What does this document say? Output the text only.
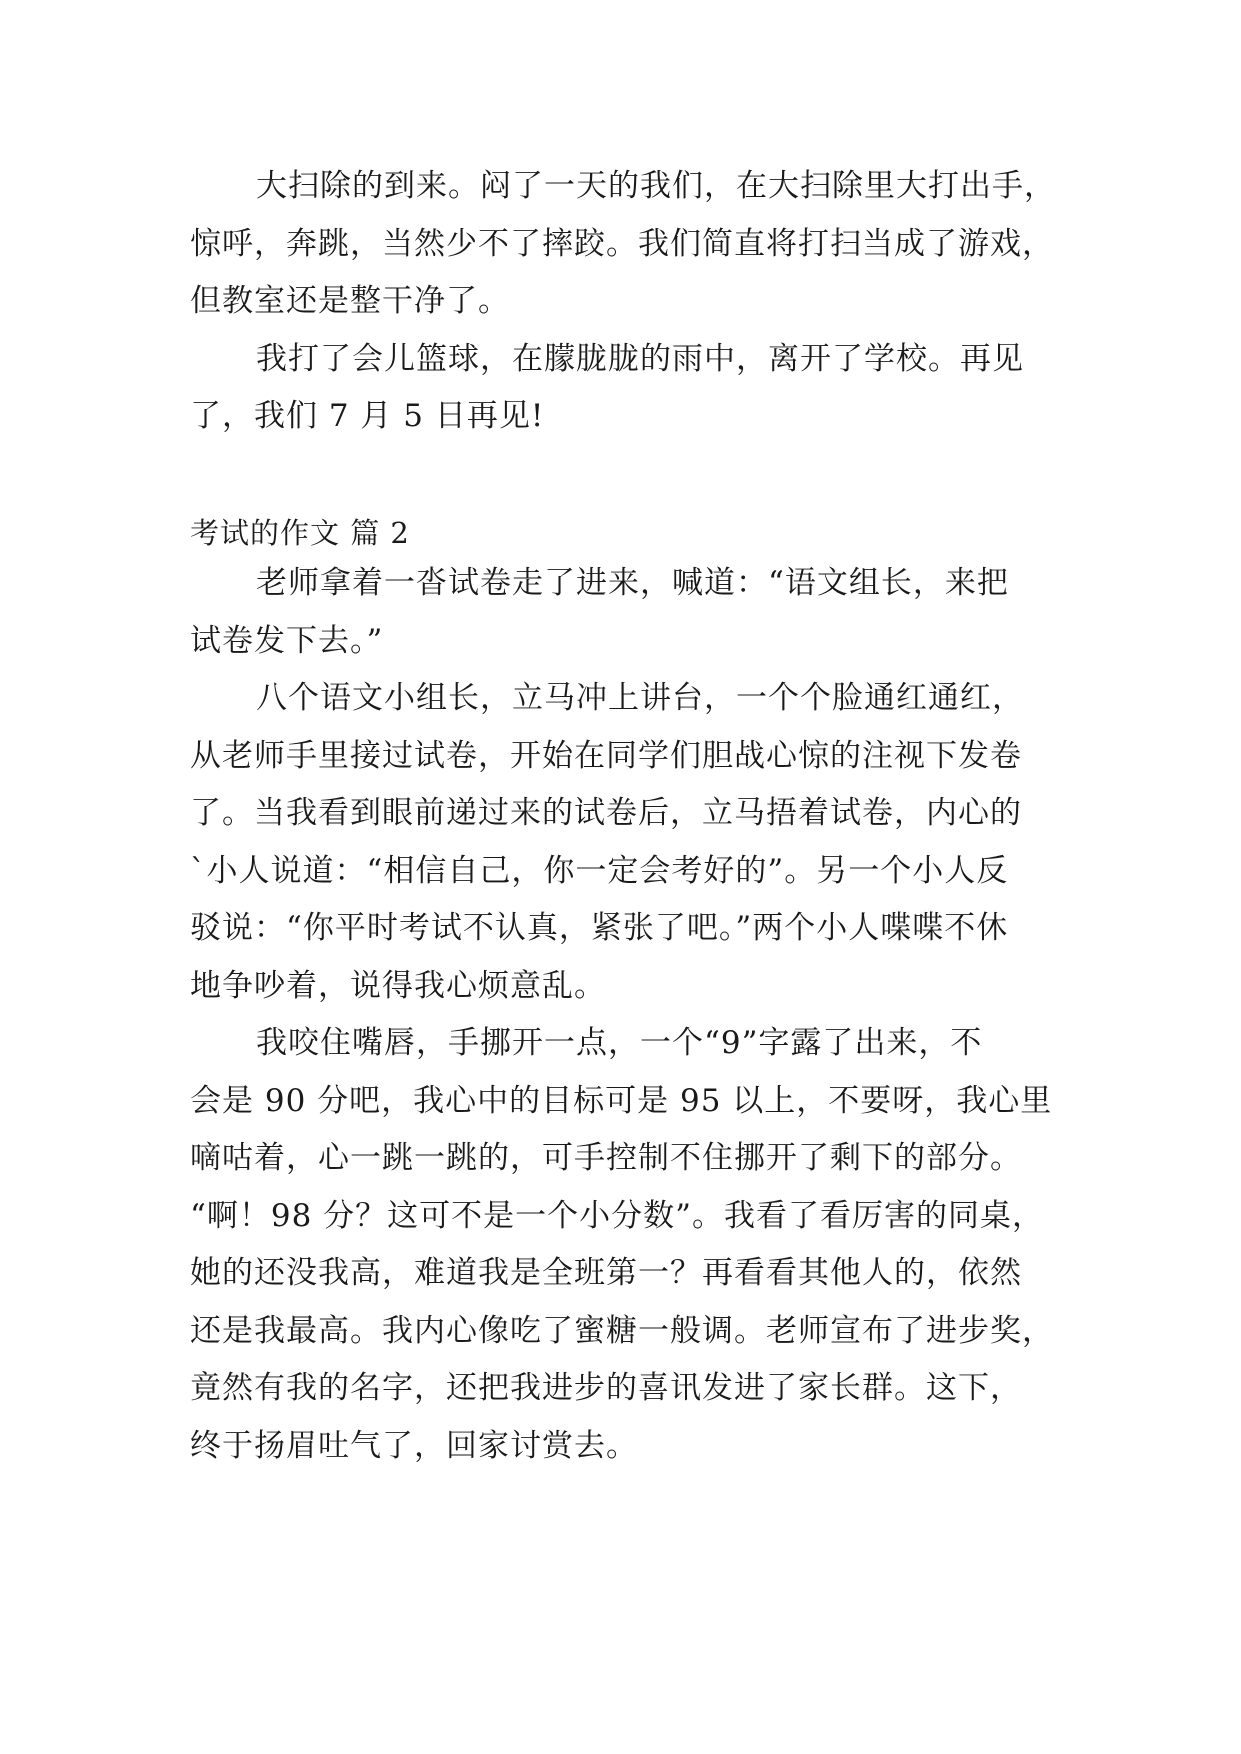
大扫除的到来。闷了一天的我们，在大扫除里大打出手，
惊呼，奔跳，当然少不了摔跤。我们简直将打扫当成了游戏，
但教室还是整干净了。
我打了会儿篮球，在朦胧胧的雨中，离开了学校。再见
了，我们 7 月 5 日再见!
考试的作文 篇 2
老师拿着一沓试卷走了进来，喊道：“语文组长，来把
试卷发下去。”
八个语文小组长，立马冲上讲台，一个个脸通红通红，
从老师手里接过试卷，开始在同学们胆战心惊的注视下发卷
了。当我看到眼前递过来的试卷后，立马捂着试卷，内心的
`小人说道：“相信自己，你一定会考好的”。另一个小人反
驳说：“你平时考试不认真，紧张了吧。”两个小人喋喋不休
地争吵着，说得我心烦意乱。
我咬住嘴唇，手挪开一点，一个“9”字露了出来，不
会是 90 分吧，我心中的目标可是 95 以上，不要呀，我心里
嘀咕着，心一跳一跳的，可手控制不住挪开了剩下的部分。
“啊！98 分？这可不是一个小分数”。我看了看厉害的同桌，
她的还没我高，难道我是全班第一？再看看其他人的，依然
还是我最高。我内心像吃了蜜糖一般调。老师宣布了进步奖，
竟然有我的名字，还把我进步的喜讯发进了家长群。这下，
终于扬眉吐气了，回家讨赏去。
